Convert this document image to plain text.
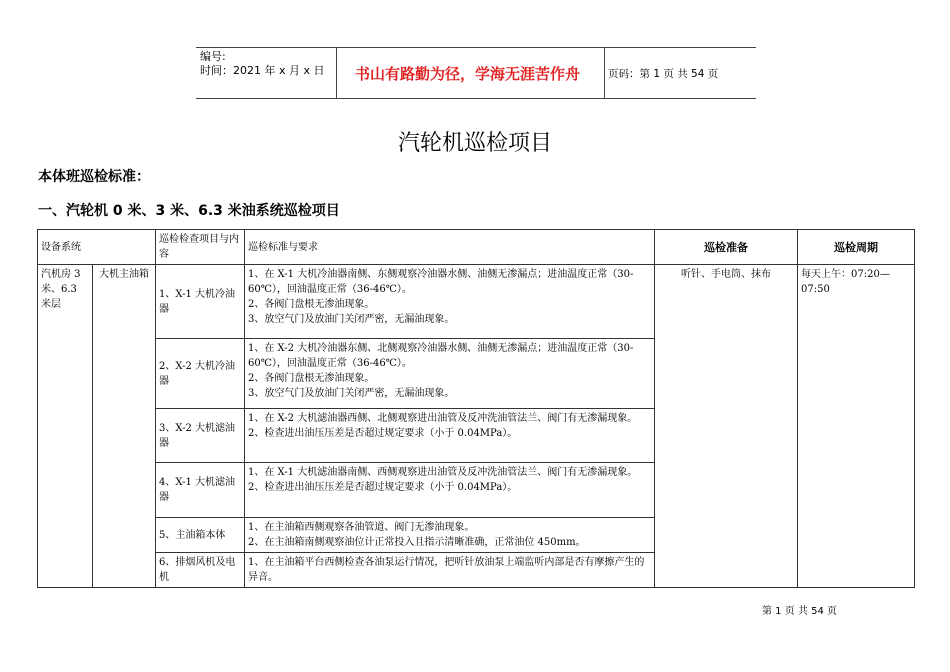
编号:
时间：2021 年 x 月 x 日	书山有路勤为径，学海无涯苦作舟	页码：第 1 页 共 54 页
汽轮机巡检项目
本体班巡检标准：
一、汽轮机 0 米、3 米、6.3 米油系统巡检项目
设备系统		巡检检查项目与内容	巡检标准与要求	巡检准备	巡检周期
汽机房 3 米、6.3 米层	大机主油箱	1、X-1 大机冷油器	1、在 X-1 大机冷油器南侧、东侧观察冷油器水侧、油侧无渗漏点；进油温度正常（30-60℃），回油温度正常（36-46℃）。
2、各阀门盘根无渗油现象。
3、放空气门及放油门关闭严密，无漏油现象。	听针、手电筒、抹布	每天上午：07:20—07:50
		2、X-2 大机冷油器	1、在 X-2 大机冷油器东侧、北侧观察冷油器水侧、油侧无渗漏点；进油温度正常（30-60℃），回油温度正常（36-46℃）。
2、各阀门盘根无渗油现象。
3、放空气门及放油门关闭严密，无漏油现象。		

		3、X-2 大机滤油器	1、在 X-2 大机滤油器西侧、北侧观察进出油管及反冲洗油管法兰、阀门有无渗漏现象。
2、检查进出油压压差是否超过规定要求（小于 0.04MPa）。		

		4、X-1 大机滤油器	1、在 X-1 大机滤油器南侧、西侧观察进出油管及反冲洗油管法兰、阀门有无渗漏现象。
2、检查进出油压压差是否超过规定要求（小于 0.04MPa）。		

		5、主油箱本体	1、在主油箱西侧观察各油管道、阀门无渗油现象。
2、在主油箱南侧观察油位计正常投入且指示清晰准确，正常油位 450mm。		

		6、排烟风机及电机	1、在主油箱平台西侧检查各油泵运行情况，把听针放油泵上端监听内部是否有摩擦产生的异音。		
第 1 页 共 54 页
